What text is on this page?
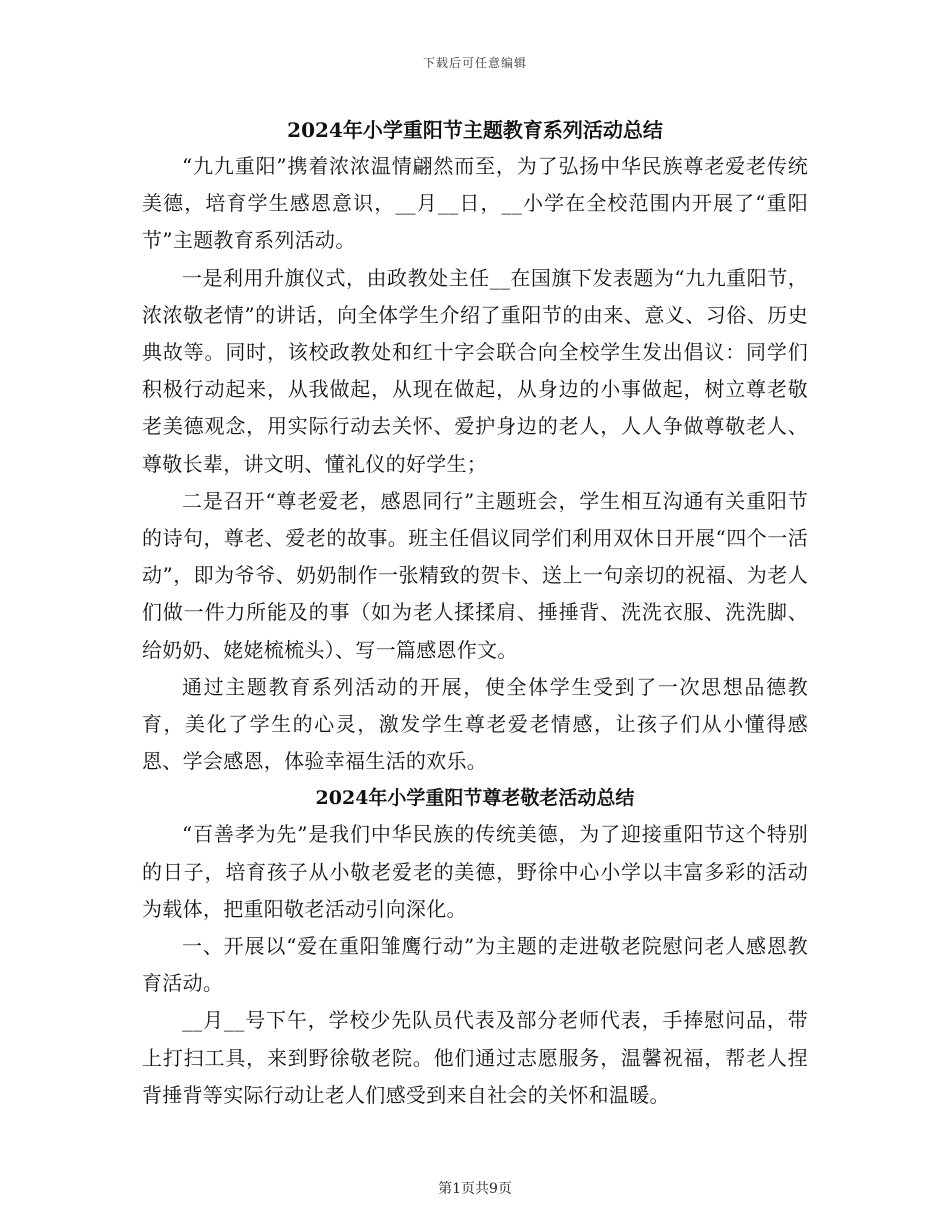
下载后可任意编辑
2024年小学重阳节主题教育系列活动总结

“九九重阳”携着浓浓温情翩然而至，为了弘扬中华民族尊老爱老传统美德，培育学生感恩意识，__月__日，__小学在全校范围内开展了“重阳节”主题教育系列活动。

一是利用升旗仪式，由政教处主任__在国旗下发表题为“九九重阳节，浓浓敬老情”的讲话，向全体学生介绍了重阳节的由来、意义、习俗、历史典故等。同时，该校政教处和红十字会联合向全校学生发出倡议：同学们积极行动起来，从我做起，从现在做起，从身边的小事做起，树立尊老敬老美德观念，用实际行动去关怀、爱护身边的老人，人人争做尊敬老人、尊敬长辈，讲文明、懂礼仪的好学生；

二是召开“尊老爱老，感恩同行”主题班会，学生相互沟通有关重阳节的诗句，尊老、爱老的故事。班主任倡议同学们利用双休日开展“四个一活动”，即为爷爷、奶奶制作一张精致的贺卡、送上一句亲切的祝福、为老人们做一件力所能及的事（如为老人揉揉肩、捶捶背、洗洗衣服、洗洗脚、给奶奶、姥姥梳梳头）、写一篇感恩作文。

通过主题教育系列活动的开展，使全体学生受到了一次思想品德教育，美化了学生的心灵，激发学生尊老爱老情感，让孩子们从小懂得感恩、学会感恩，体验幸福生活的欢乐。

2024年小学重阳节尊老敬老活动总结

“百善孝为先”是我们中华民族的传统美德，为了迎接重阳节这个特别的日子，培育孩子从小敬老爱老的美德，野徐中心小学以丰富多彩的活动为载体，把重阳敬老活动引向深化。

一、开展以“爱在重阳雏鹰行动”为主题的走进敬老院慰问老人感恩教育活动。

__月__号下午，学校少先队员代表及部分老师代表，手捧慰问品，带上打扫工具，来到野徐敬老院。他们通过志愿服务，温馨祝福，帮老人捏背捶背等实际行动让老人们感受到来自社会的关怀和温暖。

第1页共9页
